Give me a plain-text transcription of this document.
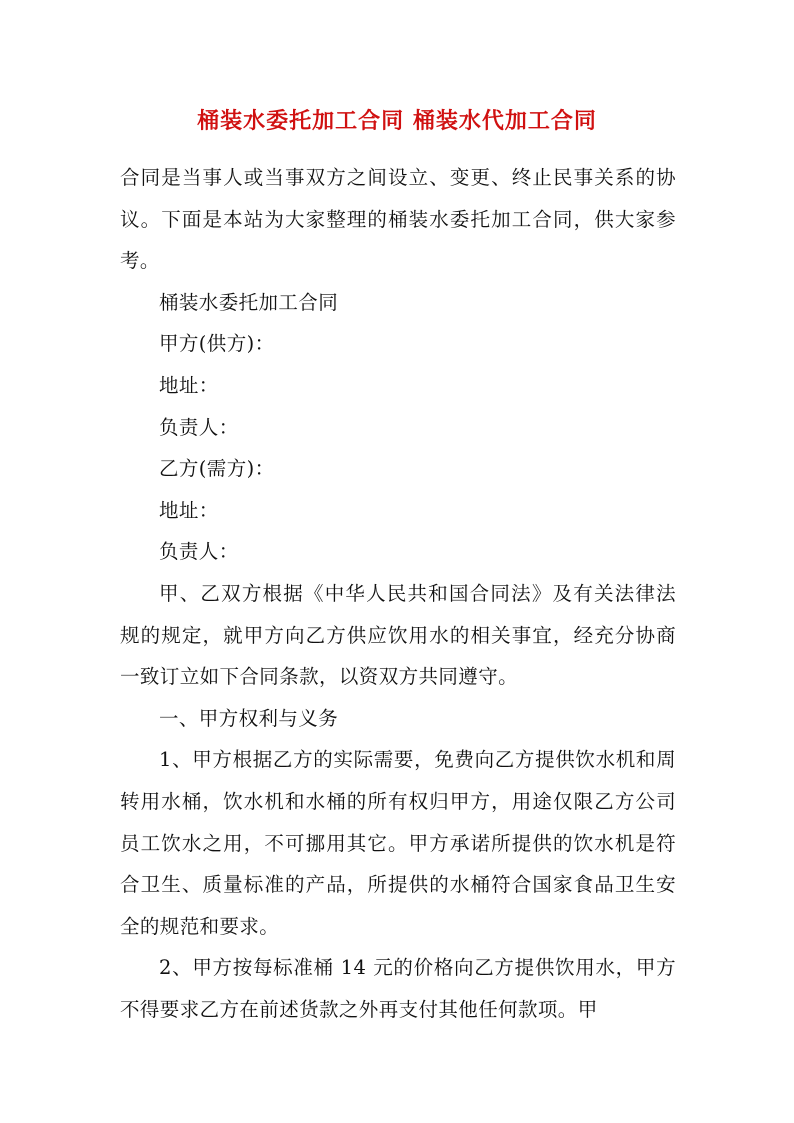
桶装水委托加工合同 桶装水代加工合同

合同是当事人或当事双方之间设立、变更、终止民事关系的协议。下面是本站为大家整理的桶装水委托加工合同，供大家参考。

桶装水委托加工合同

甲方(供方)：

地址：

负责人：

乙方(需方)：

地址：

负责人：

甲、乙双方根据《中华人民共和国合同法》及有关法律法规的规定，就甲方向乙方供应饮用水的相关事宜，经充分协商一致订立如下合同条款，以资双方共同遵守。

一、甲方权利与义务

1、甲方根据乙方的实际需要，免费向乙方提供饮水机和周转用水桶，饮水机和水桶的所有权归甲方，用途仅限乙方公司员工饮水之用，不可挪用其它。甲方承诺所提供的饮水机是符合卫生、质量标准的产品，所提供的水桶符合国家食品卫生安全的规范和要求。

2、甲方按每标准桶 14 元的价格向乙方提供饮用水，甲方不得要求乙方在前述货款之外再支付其他任何款项。甲
